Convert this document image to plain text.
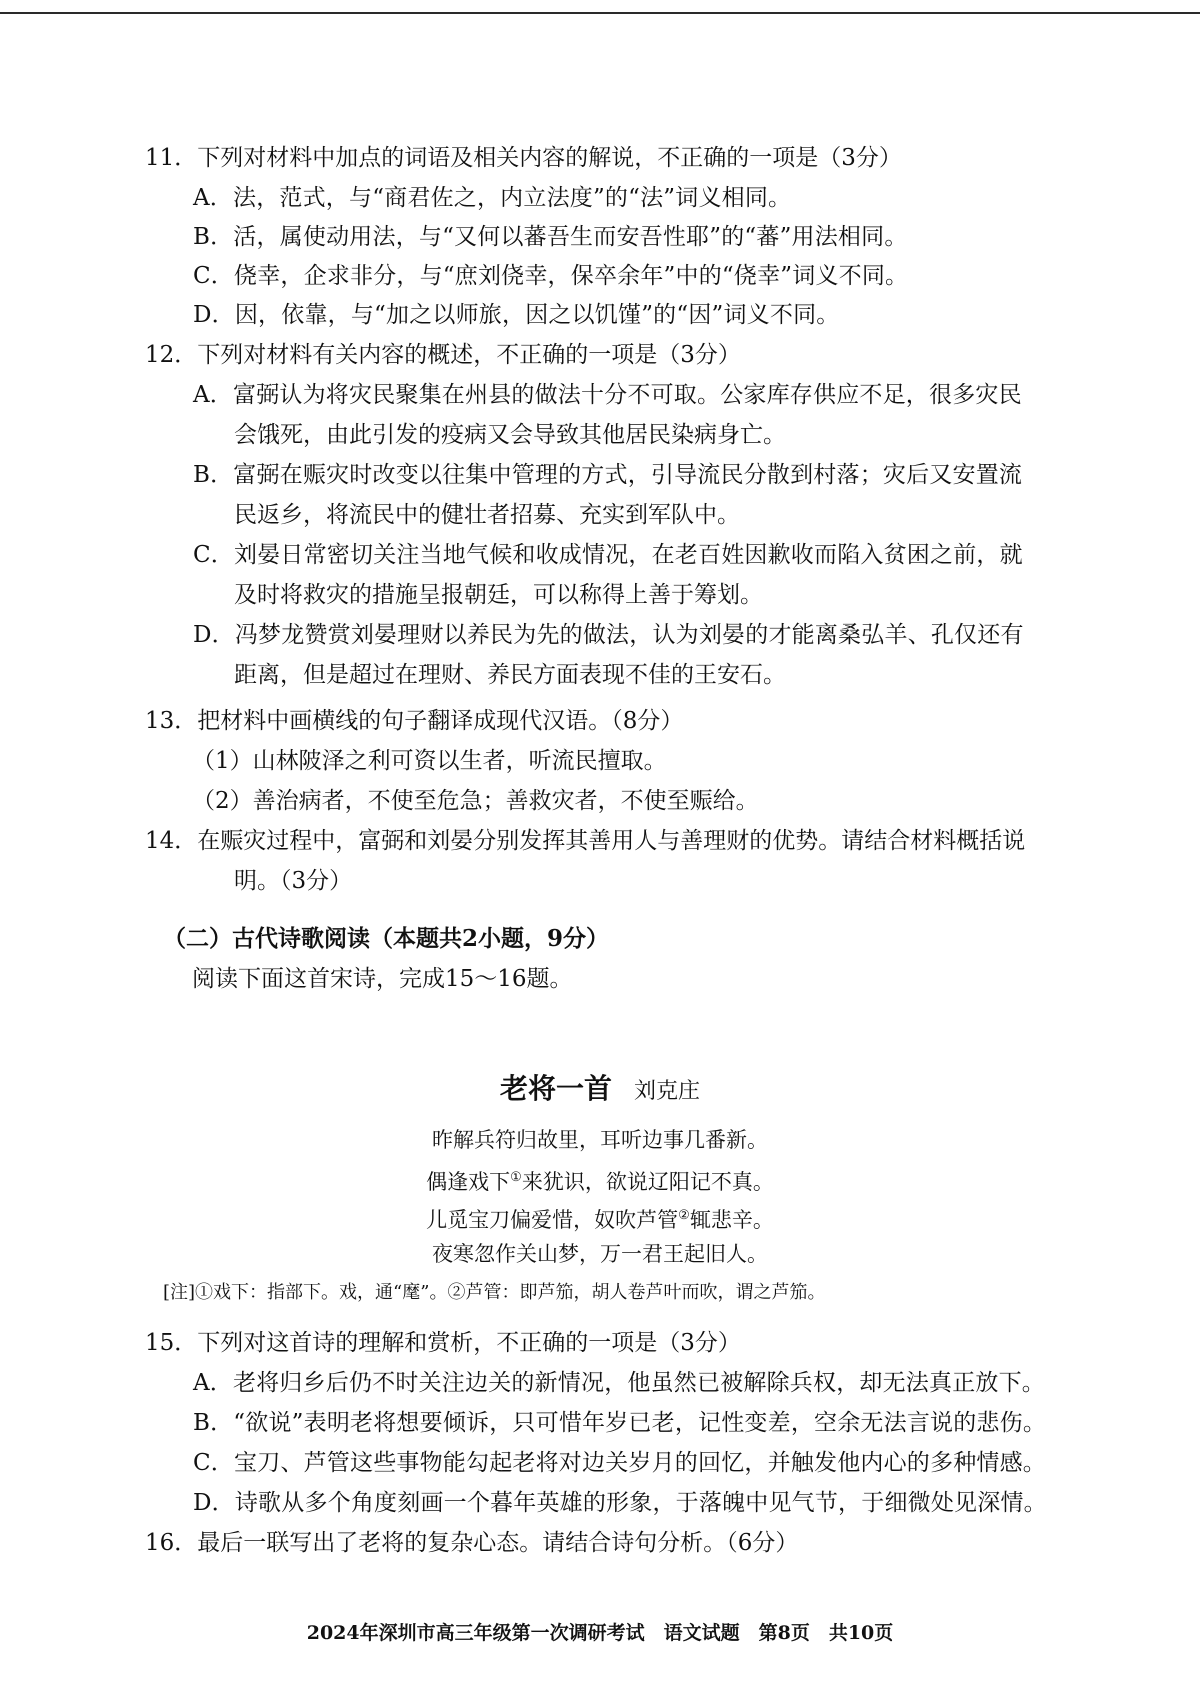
11．下列对材料中加点的词语及相关内容的解说，不正确的一项是（3分）
A．法，范式，与“商君佐之，内立法度”的“法”词义相同。
B．活，属使动用法，与“又何以蕃吾生而安吾性耶”的“蕃”用法相同。
C．侥幸，企求非分，与“庶刘侥幸，保卒余年”中的“侥幸”词义不同。
D．因，依靠，与“加之以师旅，因之以饥馑”的“因”词义不同。
12．下列对材料有关内容的概述，不正确的一项是（3分）
A．富弼认为将灾民聚集在州县的做法十分不可取。公家库存供应不足，很多灾民
会饿死，由此引发的疫病又会导致其他居民染病身亡。
B．富弼在赈灾时改变以往集中管理的方式，引导流民分散到村落；灾后又安置流
民返乡，将流民中的健壮者招募、充实到军队中。
C．刘晏日常密切关注当地气候和收成情况，在老百姓因歉收而陷入贫困之前，就
及时将救灾的措施呈报朝廷，可以称得上善于筹划。
D．冯梦龙赞赏刘晏理财以养民为先的做法，认为刘晏的才能离桑弘羊、孔仅还有
距离，但是超过在理财、养民方面表现不佳的王安石。
13．把材料中画横线的句子翻译成现代汉语。（8分）
（1）山林陂泽之利可资以生者，听流民擅取。
（2）善治病者，不使至危急；善救灾者，不使至赈给。
14．在赈灾过程中，富弼和刘晏分别发挥其善用人与善理财的优势。请结合材料概括说
明。（3分）
（二）古代诗歌阅读（本题共2小题，9分）
阅读下面这首宋诗，完成15～16题。
老将一首 刘克庄
昨解兵符归故里，耳听边事几番新。
偶逢戏下①来犹识，欲说辽阳记不真。
儿觅宝刀偏爱惜，奴吹芦管②辄悲辛。
夜寒忽作关山梦，万一君王起旧人。
[注]①戏下：指部下。戏，通“麾”。②芦管：即芦笳，胡人卷芦叶而吹，谓之芦笳。
15．下列对这首诗的理解和赏析，不正确的一项是（3分）
A．老将归乡后仍不时关注边关的新情况，他虽然已被解除兵权，却无法真正放下。
B．“欲说”表明老将想要倾诉，只可惜年岁已老，记性变差，空余无法言说的悲伤。
C．宝刀、芦管这些事物能勾起老将对边关岁月的回忆，并触发他内心的多种情感。
D．诗歌从多个角度刻画一个暮年英雄的形象，于落魄中见气节，于细微处见深情。
16．最后一联写出了老将的复杂心态。请结合诗句分析。（6分）
2024年深圳市高三年级第一次调研考试　语文试题　第8页　共10页
